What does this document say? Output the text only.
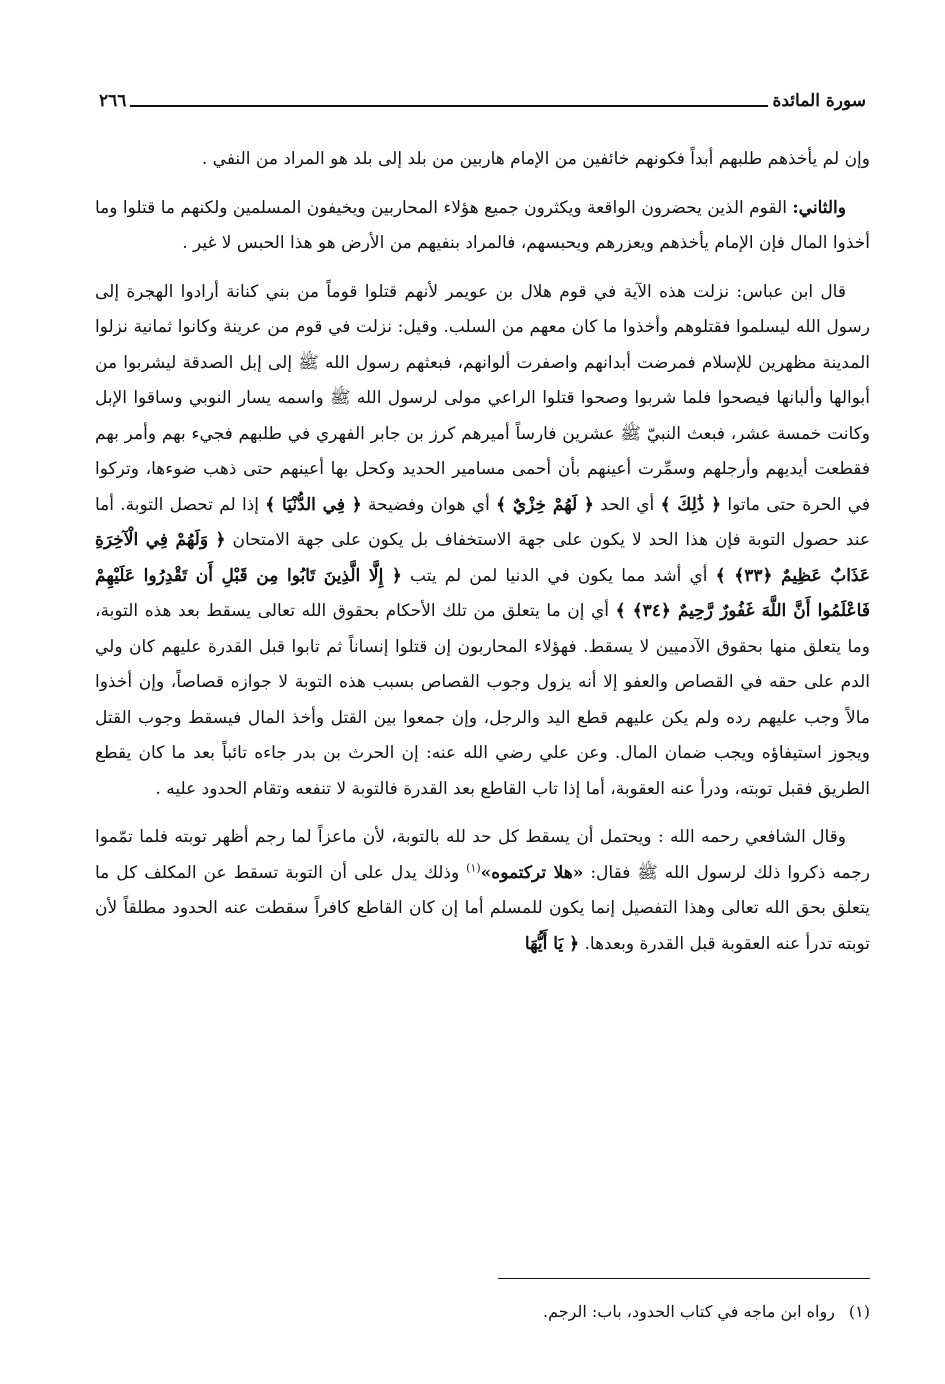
سورة المائدة
٢٦٦

وإن لم يأخذهم طلبهم أبداً فكونهم خائفين من الإمام هاربين من بلد إلى بلد هو المراد من النفي .

والثاني: القوم الذين يحضرون الواقعة ويكثرون جميع هؤلاء المحاربين ويخيفون المسلمين ولكنهم ما قتلوا وما أخذوا المال فإن الإمام يأخذهم ويعزرهم ويحبسهم، فالمراد بنفيهم من الأرض هو هذا الحبس لا غير .

قال ابن عباس: نزلت هذه الآية في قوم هلال بن عويمر لأنهم قتلوا قوماً من بني كنانة أرادوا الهجرة إلى رسول الله ليسلموا فقتلوهم وأخذوا ما كان معهم من السلب. وقيل: نزلت في قوم من عرينة وكانوا ثمانية نزلوا المدينة مظهرين للإسلام فمرضت أبدانهم واصفرت ألوانهم، فبعثهم رسول الله ﷺ إلى إبل الصدقة ليشربوا من أبوالها وألبانها فيصحوا فلما شربوا وصحوا قتلوا الراعي مولى لرسول الله ﷺ واسمه يسار النوبي وساقوا الإبل وكانت خمسة عشر، فبعث النبيّ ﷺ عشرين فارساً أميرهم كرز بن جابر الفهري في طلبهم فجيء بهم وأمر بهم فقطعت أيديهم وأرجلهم وسمِّرت أعينهم بأن أحمى مسامير الحديد وكحل بها أعينهم حتى ذهب ضوءها، وتركوا في الحرة حتى ماتوا ﴿ ذَٰلِكَ ﴾ أي الحد ﴿ لَهُمْ خِزْيٌ ﴾ أي هوان وفضيحة ﴿ فِي الدُّنْيَا ﴾ إذا لم تحصل التوبة. أما عند حصول التوبة فإن هذا الحد لا يكون على جهة الاستخفاف بل يكون على جهة الامتحان ﴿ وَلَهُمْ فِي الْآخِرَةِ عَذَابٌ عَظِيمٌ ﴿٣٣﴾ ﴾ أي أشد مما يكون في الدنيا لمن لم يتب ﴿ إِلَّا الَّذِينَ تَابُوا مِن قَبْلِ أَن تَقْدِرُوا عَلَيْهِمْ فَاعْلَمُوا أَنَّ اللَّهَ غَفُورٌ رَّحِيمٌ ﴿٣٤﴾ ﴾ أي إن ما يتعلق من تلك الأحكام بحقوق الله تعالى يسقط بعد هذه التوبة، وما يتعلق منها بحقوق الآدميين لا يسقط. فهؤلاء المحاربون إن قتلوا إنساناً ثم تابوا قبل القدرة عليهم كان ولي الدم على حقه في القصاص والعفو إلا أنه يزول وجوب القصاص بسبب هذه التوبة لا جوازه قصاصاً، وإن أخذوا مالاً وجب عليهم رده ولم يكن عليهم قطع اليد والرجل، وإن جمعوا بين القتل وأخذ المال فيسقط وجوب القتل ويجوز استيفاؤه ويجب ضمان المال. وعن علي رضي الله عنه: إن الحرث بن بدر جاءه تائباً بعد ما كان يقطع الطريق فقبل توبته، ودرأ عنه العقوبة، أما إذا تاب القاطع بعد القدرة فالتوبة لا تنفعه وتقام الحدود عليه .

وقال الشافعي رحمه الله : ويحتمل أن يسقط كل حد لله بالتوبة، لأن ماعزاً لما رجم أظهر توبته فلما تمّموا رجمه ذكروا ذلك لرسول الله ﷺ فقال: «هلا تركتموه»$^{(١)}$ وذلك يدل على أن التوبة تسقط عن المكلف كل ما يتعلق بحق الله تعالى وهذا التفصيل إنما يكون للمسلم أما إن كان القاطع كافراً سقطت عنه الحدود مطلقاً لأن توبته تدرأ عنه العقوبة قبل القدرة وبعدها. ﴿ يَا أَيُّهَا

(١)رواه ابن ماجه في كتاب الحدود، باب: الرجم.
